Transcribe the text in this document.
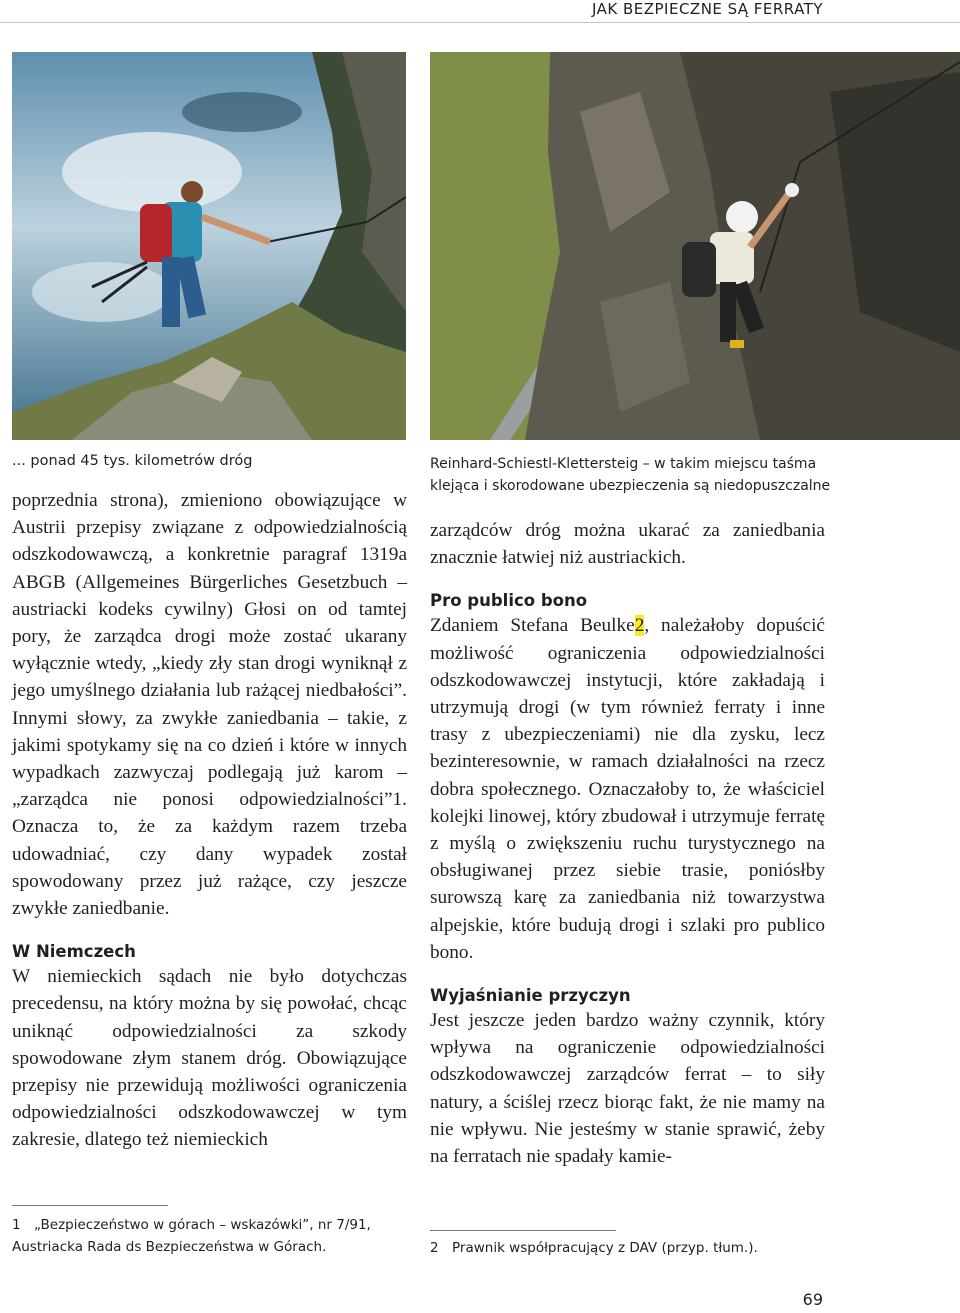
JAK BEZPIECZNE SĄ FERRATY
... ponad 45 tys. kilometrów dróg	Reinhard-Schiestl-Klettersteig – w takim miejscu taśma klejąca i skorodowane ubezpieczenia są niedopuszczalne

poprzednia strona), zmieniono obowiązujące w Austrii przepisy związane z odpowiedzialnością odszkodowawczą, a konkretnie paragraf 1319a ABGB (Allgemeines Bürgerliches Gesetzbuch – austriacki kodeks cywilny) Głosi on od tamtej pory, że zarządca drogi może zostać ukarany wyłącznie wtedy, „kiedy zły stan drogi wyniknął z jego umyślnego działania lub rażącej niedbałości”. Innymi słowy, za zwykłe zaniedbania – takie, z jakimi spotykamy się na co dzień i które w innych wypadkach zazwyczaj podlegają już karom – „zarządca nie ponosi odpowiedzialności”1. Oznacza to, że za każdym razem trzeba udowadniać, czy dany wypadek został spowodowany przez już rażące, czy jeszcze zwykłe zaniedbanie.

W Niemczech

W niemieckich sądach nie było dotychczas precedensu, na który można by się powołać, chcąc uniknąć odpowiedzialności za szkody spowodowane złym stanem dróg. Obowiązujące przepisy nie przewidują możliwości ograniczenia odpowiedzialności odszkodowawczej w tym zakresie, dlatego też niemieckich

zarządców dróg można ukarać za zaniedbania znacznie łatwiej niż austriackich.

Pro publico bono

Zdaniem Stefana Beulke2, należałoby dopuścić możliwość ograniczenia odpowiedzialności odszkodowawczej instytucji, które zakładają i utrzymują drogi (w tym również ferraty i inne trasy z ubezpieczeniami) nie dla zysku, lecz bezinteresownie, w ramach działalności na rzecz dobra społecznego. Oznaczałoby to, że właściciel kolejki linowej, który zbudował i utrzymuje ferratę z myślą o zwiększeniu ruchu turystycznego na obsługiwanej przez siebie trasie, poniósłby surowszą karę za zaniedbania niż towarzystwa alpejskie, które budują drogi i szlaki pro publico bono.

Wyjaśnianie przyczyn

Jest jeszcze jeden bardzo ważny czynnik, który wpływa na ograniczenie odpowiedzialności odszkodowawczej zarządców ferrat – to siły natury, a ściślej rzecz biorąc fakt, że nie mamy na nie wpływu. Nie jesteśmy w stanie sprawić, żeby na ferratach nie spadały kamie-

1 „Bezpieczeństwo w górach – wskazówki”, nr 7/91, Austriacka Rada ds Bezpieczeństwa w Górach.	2 Prawnik współpracujący z DAV (przyp. tłum.).
69
